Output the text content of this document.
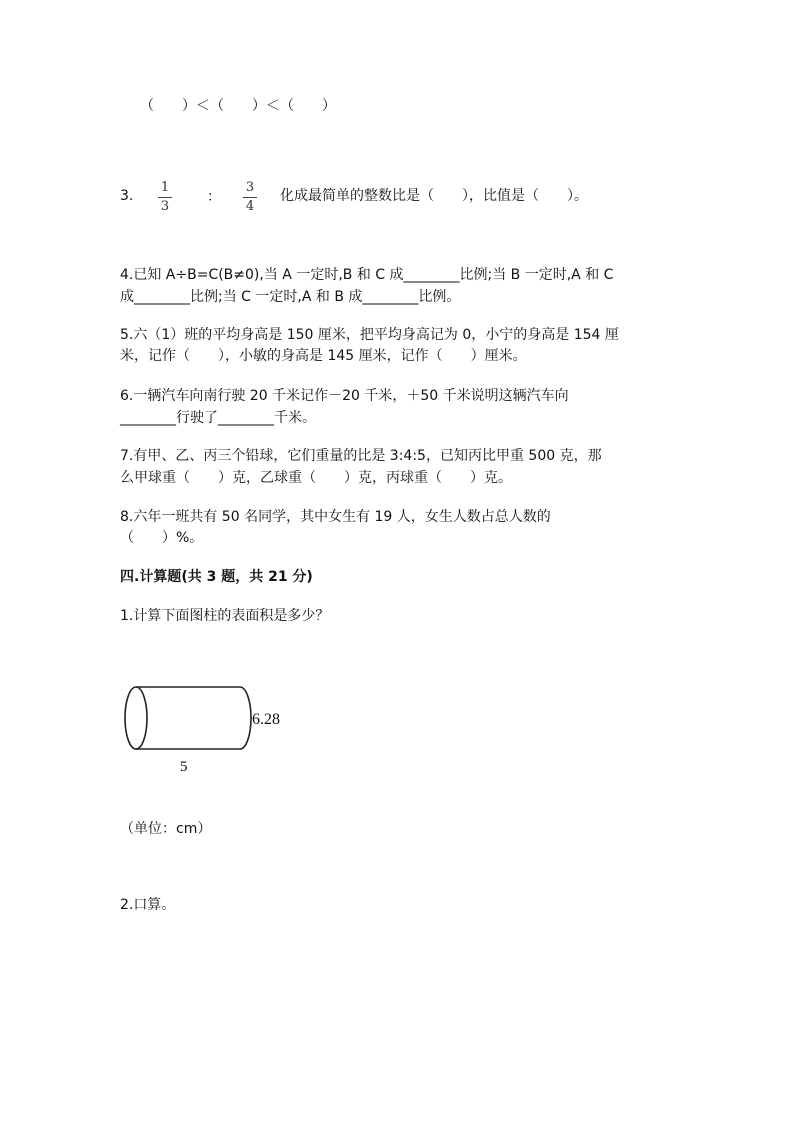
（　　）＜（　　）＜（　　）
3.
1
3
：
3
4
化成最简单的整数比是（　　），比值是（　　）。
4.已知 A÷B=C(B≠0),当 A 一定时,B 和 C 成________比例;当 B 一定时,A 和 C
成________比例;当 C 一定时,A 和 B 成________比例。
5.六（1）班的平均身高是 150 厘米，把平均身高记为 0，小宁的身高是 154 厘
米，记作（　　），小敏的身高是 145 厘米，记作（　　）厘米。
6.一辆汽车向南行驶 20 千米记作－20 千米，＋50 千米说明这辆汽车向
________行驶了________千米。
7.有甲、乙、丙三个铅球，它们重量的比是 3:4:5，已知丙比甲重 500 克，那
么甲球重（　　）克，乙球重（　　）克，丙球重（　　）克。
8.六年一班共有 50 名同学，其中女生有 19 人，女生人数占总人数的
（　　）%。
四.计算题(共 3 题，共 21 分)
1.计算下面图柱的表面积是多少？
6.28
5
（单位：cm）
2.口算。
